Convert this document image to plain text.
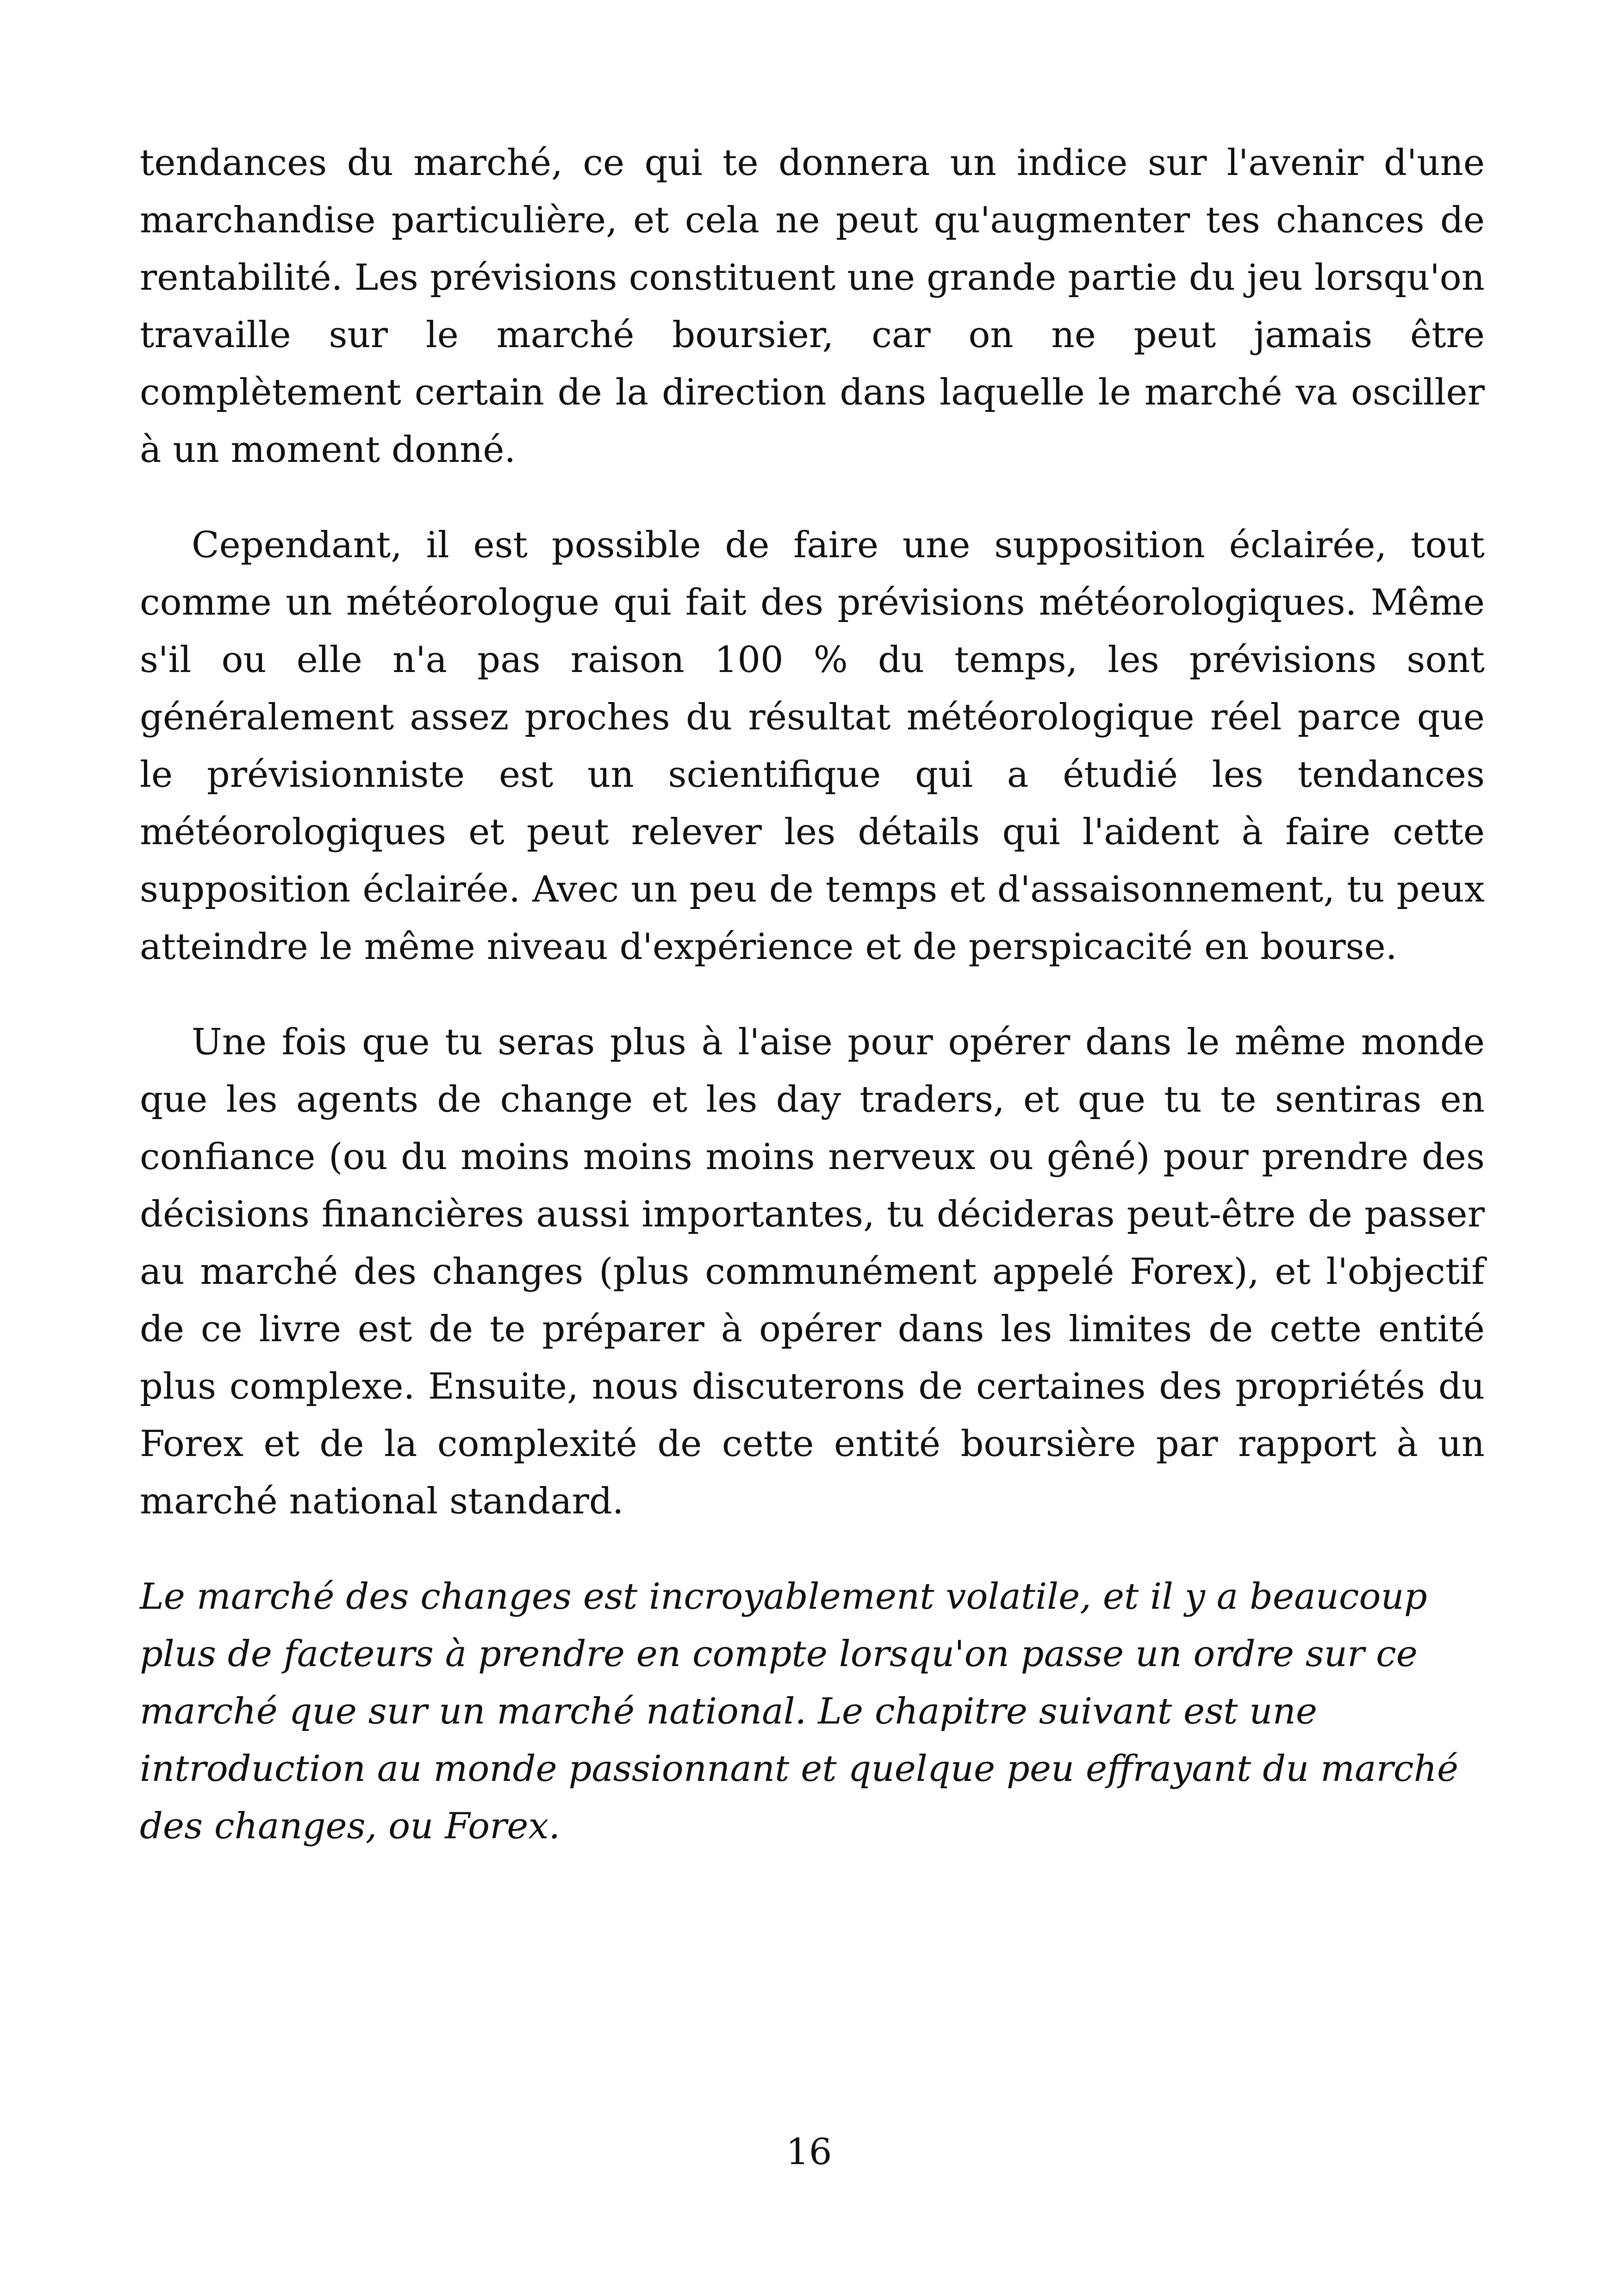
tendances du marché, ce qui te donnera un indice sur l'avenir d'une marchandise particulière, et cela ne peut qu'augmenter tes chances de rentabilité. Les prévisions constituent une grande partie du jeu lorsqu'on travaille sur le marché boursier, car on ne peut jamais être complètement certain de la direction dans laquelle le marché va osciller à un moment donné.

Cependant, il est possible de faire une supposition éclairée, tout comme un météorologue qui fait des prévisions météorologiques. Même s'il ou elle n'a pas raison 100 % du temps, les prévisions sont généralement assez proches du résultat météorologique réel parce que le prévisionniste est un scientifique qui a étudié les tendances météorologiques et peut relever les détails qui l'aident à faire cette supposition éclairée. Avec un peu de temps et d'assaisonnement, tu peux atteindre le même niveau d'expérience et de perspicacité en bourse.

Une fois que tu seras plus à l'aise pour opérer dans le même monde que les agents de change et les day traders, et que tu te sentiras en confiance (ou du moins moins moins nerveux ou gêné) pour prendre des décisions financières aussi importantes, tu décideras peut-être de passer au marché des changes (plus communément appelé Forex), et l'objectif de ce livre est de te préparer à opérer dans les limites de cette entité plus complexe. Ensuite, nous discuterons de certaines des propriétés du Forex et de la complexité de cette entité boursière par rapport à un marché national standard.

Le marché des changes est incroyablement volatile, et il y a beaucoup plus de facteurs à prendre en compte lorsqu'on passe un ordre sur ce marché que sur un marché national. Le chapitre suivant est une introduction au monde passionnant et quelque peu effrayant du marché des changes, ou Forex.

16
